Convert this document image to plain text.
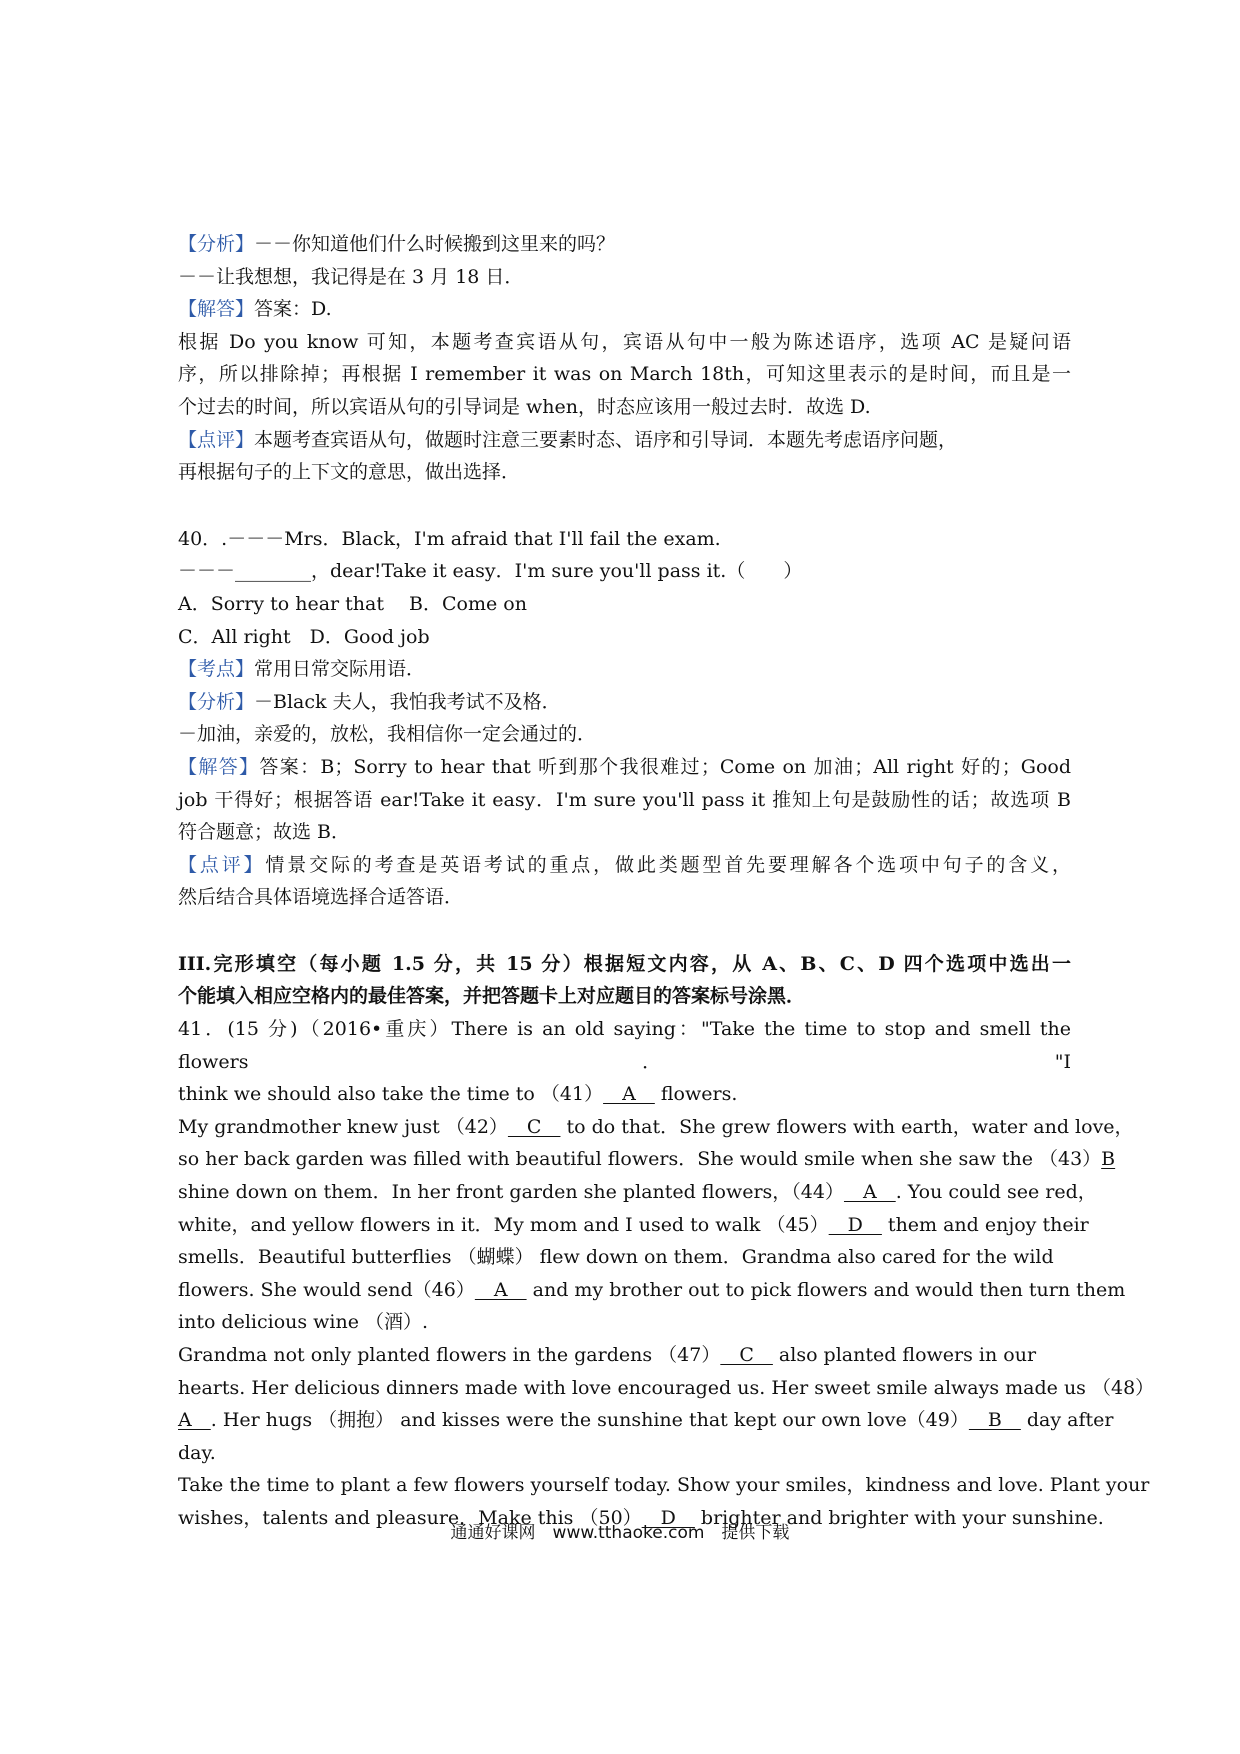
【分析】－－你知道他们什么时候搬到这里来的吗？
－－让我想想，我记得是在 3 月 18 日．
【解答】答案：D.
根据 Do you know 可知，本题考查宾语从句，宾语从句中一般为陈述语序，选项 AC 是疑问语
序，所以排除掉；再根据 I remember it was on March 18th，可知这里表示的是时间，而且是一
个过去的时间，所以宾语从句的引导词是 when，时态应该用一般过去时．故选 D.
【点评】本题考查宾语从句，做题时注意三要素时态、语序和引导词．本题先考虑语序问题，
再根据句子的上下文的意思，做出选择．
40．.－－－Mrs．Black，I'm afraid that I'll fail the exam.
－－－________，dear!Take it easy．I'm sure you'll pass it.（　　）
A．Sorry to hear that　 B．Come on
C．All right　D．Good job
【考点】常用日常交际用语．
【分析】－Black 夫人，我怕我考试不及格．
－加油，亲爱的，放松，我相信你一定会通过的．
【解答】答案：B；Sorry to hear that 听到那个我很难过；Come on 加油；All right 好的；Good
job 干得好；根据答语 ear!Take it easy．I'm sure you'll pass it 推知上句是鼓励性的话；故选项 B
符合题意；故选 B．
【点评】情景交际的考查是英语考试的重点，做此类题型首先要理解各个选项中句子的含义，
然后结合具体语境选择合适答语．
III.完形填空（每小题 1.5 分，共 15 分）根据短文内容，从 A、B、C、D 四个选项中选出一
个能填入相应空格内的最佳答案，并把答题卡上对应题目的答案标号涂黑．
41．(15 分)（2016•重庆）There is an old saying："Take the time to stop and smell the flowers．"I
think we should also take the time to （41）　A　 flowers.
My grandmother knew just （42）　C　 to do that．She grew flowers with earth，water and love，
so her back garden was filled with beautiful flowers．She would smile when she saw the （43）B
shine down on them．In her front garden she planted flowers，（44）　A　. You could see red，
white，and yellow flowers in it．My mom and I used to walk （45）　D　 them and enjoy their
smells．Beautiful butterflies （蝴蝶） flew down on them．Grandma also cared for the wild
flowers. She would send（46）　A　 and my brother out to pick flowers and would then turn them
into delicious wine （酒）.
Grandma not only planted flowers in the gardens （47）　C　 also planted flowers in our
hearts. Her delicious dinners made with love encouraged us. Her sweet smile always made us （48）
A　. Her hugs （拥抱） and kisses were the sunshine that kept our own love（49）　B　 day after
day.
Take the time to plant a few flowers yourself today. Show your smiles，kindness and love. Plant your
wishes，talents and pleasure．Make this （50）　D　 brighter and brighter with your sunshine.
通通好课网　www.tthaoke.com　提供下载
